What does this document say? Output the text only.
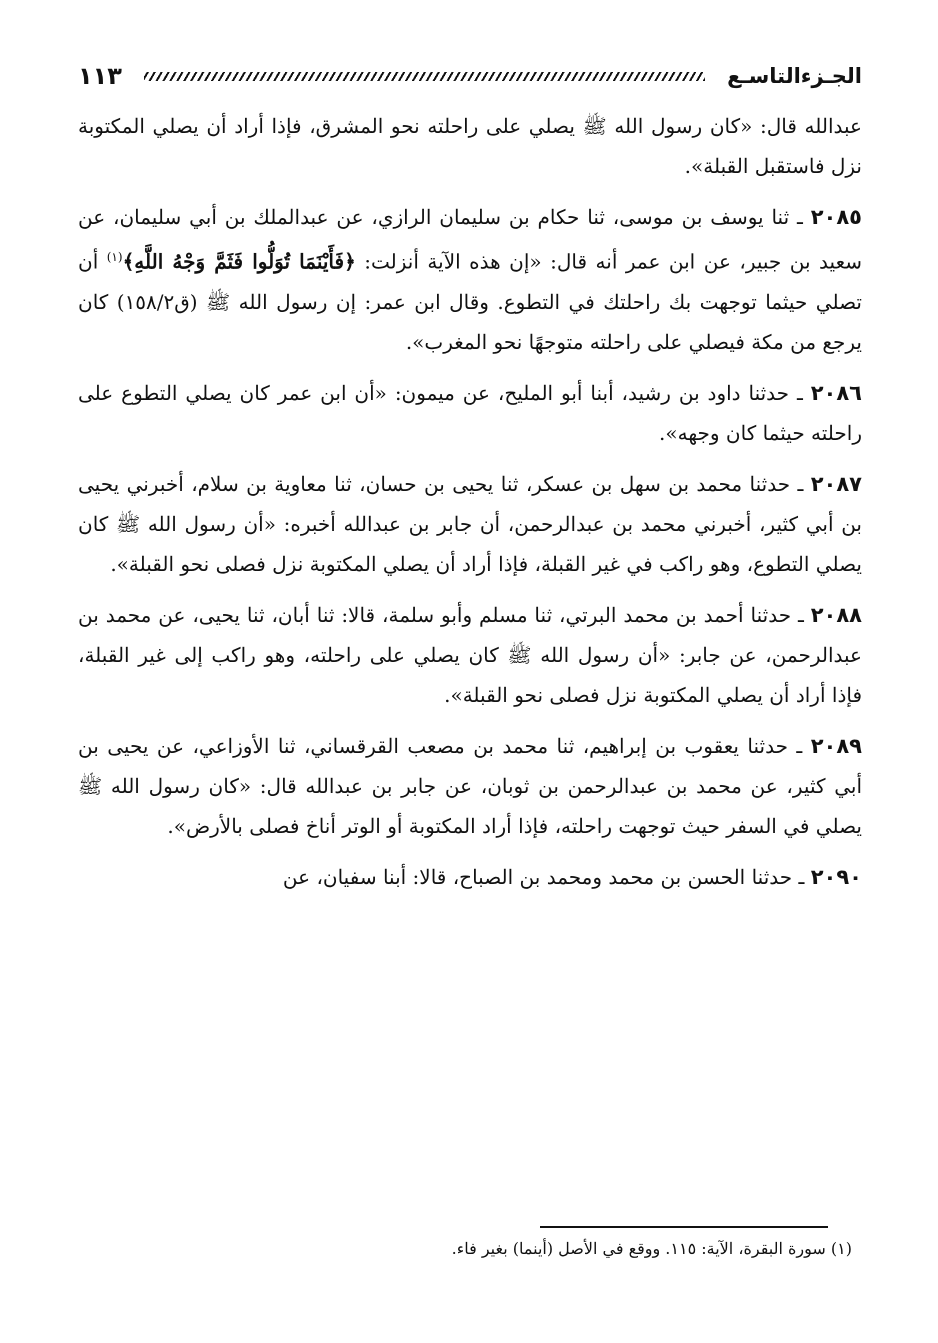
الجـزءالتاسـع
١١٣

عبدالله قال: «كان رسول الله ﷺ يصلي على راحلته نحو المشرق، فإذا أراد أن يصلي المكتوبة نزل فاستقبل القبلة».

٢٠٨٥ ـ ثنا يوسف بن موسى، ثنا حكام بن سليمان الرازي، عن عبدالملك بن أبي سليمان، عن سعيد بن جبير، عن ابن عمر أنه قال: «إن هذه الآية أنزلت: ﴿فَأَيْنَمَا تُوَلُّوا فَثَمَّ وَجْهُ اللَّهِ﴾$^{(١)}$ أن تصلي حيثما توجهت بك راحلتك في التطوع. وقال ابن عمر: إن رسول الله ﷺ (ق١٥٨/٢) كان يرجع من مكة فيصلي على راحلته متوجهًا نحو المغرب».

٢٠٨٦ ـ حدثنا داود بن رشيد، أبنا أبو المليح، عن ميمون: «أن ابن عمر كان يصلي التطوع على راحلته حيثما كان وجهه».

٢٠٨٧ ـ حدثنا محمد بن سهل بن عسكر، ثنا يحيى بن حسان، ثنا معاوية بن سلام، أخبرني يحيى بن أبي كثير، أخبرني محمد بن عبدالرحمن، أن جابر بن عبدالله أخبره: «أن رسول الله ﷺ كان يصلي التطوع، وهو راكب في غير القبلة، فإذا أراد أن يصلي المكتوبة نزل فصلى نحو القبلة».

٢٠٨٨ ـ حدثنا أحمد بن محمد البرتي، ثنا مسلم وأبو سلمة، قالا: ثنا أبان، ثنا يحيى، عن محمد بن عبدالرحمن، عن جابر: «أن رسول الله ﷺ كان يصلي على راحلته، وهو راكب إلى غير القبلة، فإذا أراد أن يصلي المكتوبة نزل فصلى نحو القبلة».

٢٠٨٩ ـ حدثنا يعقوب بن إبراهيم، ثنا محمد بن مصعب القرقساني، ثنا الأوزاعي، عن يحيى بن أبي كثير، عن محمد بن عبدالرحمن بن ثوبان، عن جابر بن عبدالله قال: «كان رسول الله ﷺ يصلي في السفر حيث توجهت راحلته، فإذا أراد المكتوبة أو الوتر أناخ فصلى بالأرض».

٢٠٩٠ ـ حدثنا الحسن بن محمد ومحمد بن الصباح، قالا: أبنا سفيان، عن

(١) سورة البقرة، الآية: ١١٥. ووقع في الأصل (أينما) بغير فاء.
